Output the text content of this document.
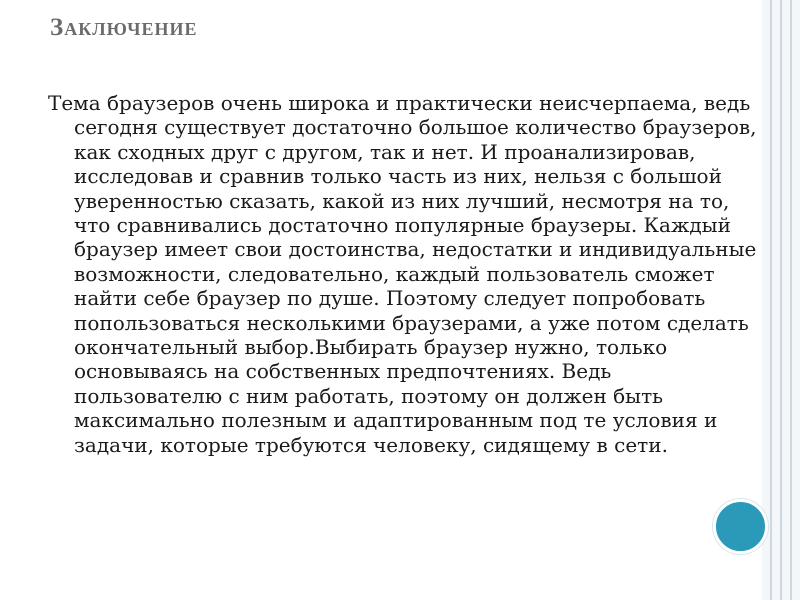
Заключение

Тема браузеров очень широка и практически неисчерпаема, ведь сегодня существует достаточно большое количество браузеров, как сходных друг с другом, так и нет. И проанализировав, исследовав и сравнив только часть из них, нельзя с большой уверенностью сказать, какой из них лучший, несмотря на то, что сравнивались достаточно популярные браузеры. Каждый браузер имеет свои достоинства, недостатки и индивидуальные возможности, следовательно, каждый пользователь сможет найти себе браузер по душе. Поэтому следует попробовать попользоваться несколькими браузерами, а уже потом сделать окончательный выбор.Выбирать браузер нужно, только основываясь на собственных предпочтениях. Ведь пользователю с ним работать, поэтому он должен быть максимально полезным и адаптированным под те условия и задачи, которые требуются человеку, сидящему в сети.
